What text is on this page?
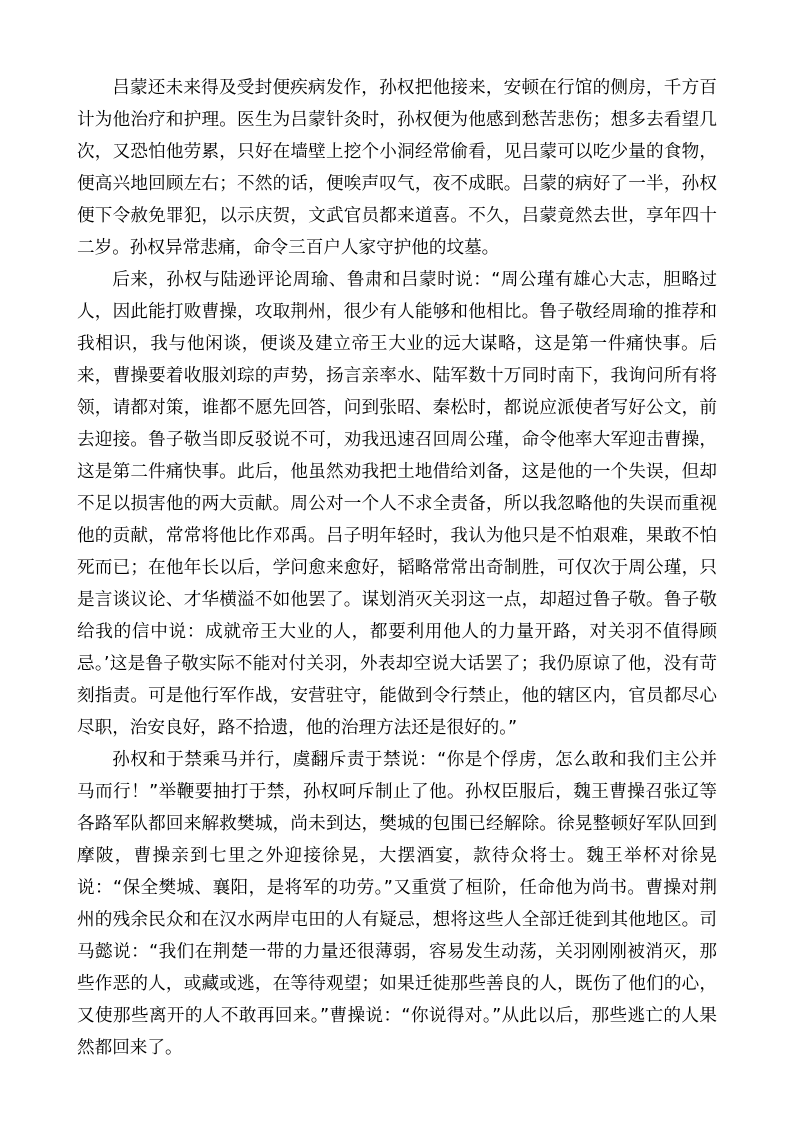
吕蒙还未来得及受封便疾病发作，孙权把他接来，安顿在行馆的侧房，千方百计为他治疗和护理。医生为吕蒙针灸时，孙权便为他感到愁苦悲伤；想多去看望几次，又恐怕他劳累，只好在墙壁上挖个小洞经常偷看，见吕蒙可以吃少量的食物，便高兴地回顾左右；不然的话，便唉声叹气，夜不成眠。吕蒙的病好了一半，孙权便下令赦免罪犯，以示庆贺，文武官员都来道喜。不久，吕蒙竟然去世，享年四十二岁。孙权异常悲痛，命令三百户人家守护他的坟墓。

后来，孙权与陆逊评论周瑜、鲁肃和吕蒙时说：“周公瑾有雄心大志，胆略过人，因此能打败曹操，攻取荆州，很少有人能够和他相比。鲁子敬经周瑜的推荐和我相识，我与他闲谈，便谈及建立帝王大业的远大谋略，这是第一件痛快事。后来，曹操要着收服刘琮的声势，扬言亲率水、陆军数十万同时南下，我询问所有将领，请都对策，谁都不愿先回答，问到张昭、秦松时，都说应派使者写好公文，前去迎接。鲁子敬当即反驳说不可，劝我迅速召回周公瑾，命令他率大军迎击曹操，这是第二件痛快事。此后，他虽然劝我把土地借给刘备，这是他的一个失误，但却不足以损害他的两大贡献。周公对一个人不求全责备，所以我忽略他的失误而重视他的贡献，常常将他比作邓禹。吕子明年轻时，我认为他只是不怕艰难，果敢不怕死而已；在他年长以后，学问愈来愈好，韬略常常出奇制胜，可仅次于周公瑾，只是言谈议论、才华横溢不如他罢了。谋划消灭关羽这一点，却超过鲁子敬。鲁子敬给我的信中说：成就帝王大业的人，都要利用他人的力量开路，对关羽不值得顾忌。’这是鲁子敬实际不能对付关羽，外表却空说大话罢了；我仍原谅了他，没有苛刻指责。可是他行军作战，安营驻守，能做到令行禁止，他的辖区内，官员都尽心尽职，治安良好，路不拾遗，他的治理方法还是很好的。”

孙权和于禁乘马并行，虞翻斥责于禁说：“你是个俘虏，怎么敢和我们主公并马而行！”举鞭要抽打于禁，孙权呵斥制止了他。孙权臣服后，魏王曹操召张辽等各路军队都回来解救樊城，尚未到达，樊城的包围已经解除。徐晃整顿好军队回到摩陂，曹操亲到七里之外迎接徐晃，大摆酒宴，款待众将士。魏王举杯对徐晃说：“保全樊城、襄阳，是将军的功劳。”又重赏了桓阶，任命他为尚书。曹操对荆州的残余民众和在汉水两岸屯田的人有疑忌，想将这些人全部迁徙到其他地区。司马懿说：“我们在荆楚一带的力量还很薄弱，容易发生动荡，关羽刚刚被消灭，那些作恶的人，或藏或逃，在等待观望；如果迁徙那些善良的人，既伤了他们的心，又使那些离开的人不敢再回来。”曹操说：“你说得对。”从此以后，那些逃亡的人果然都回来了。
